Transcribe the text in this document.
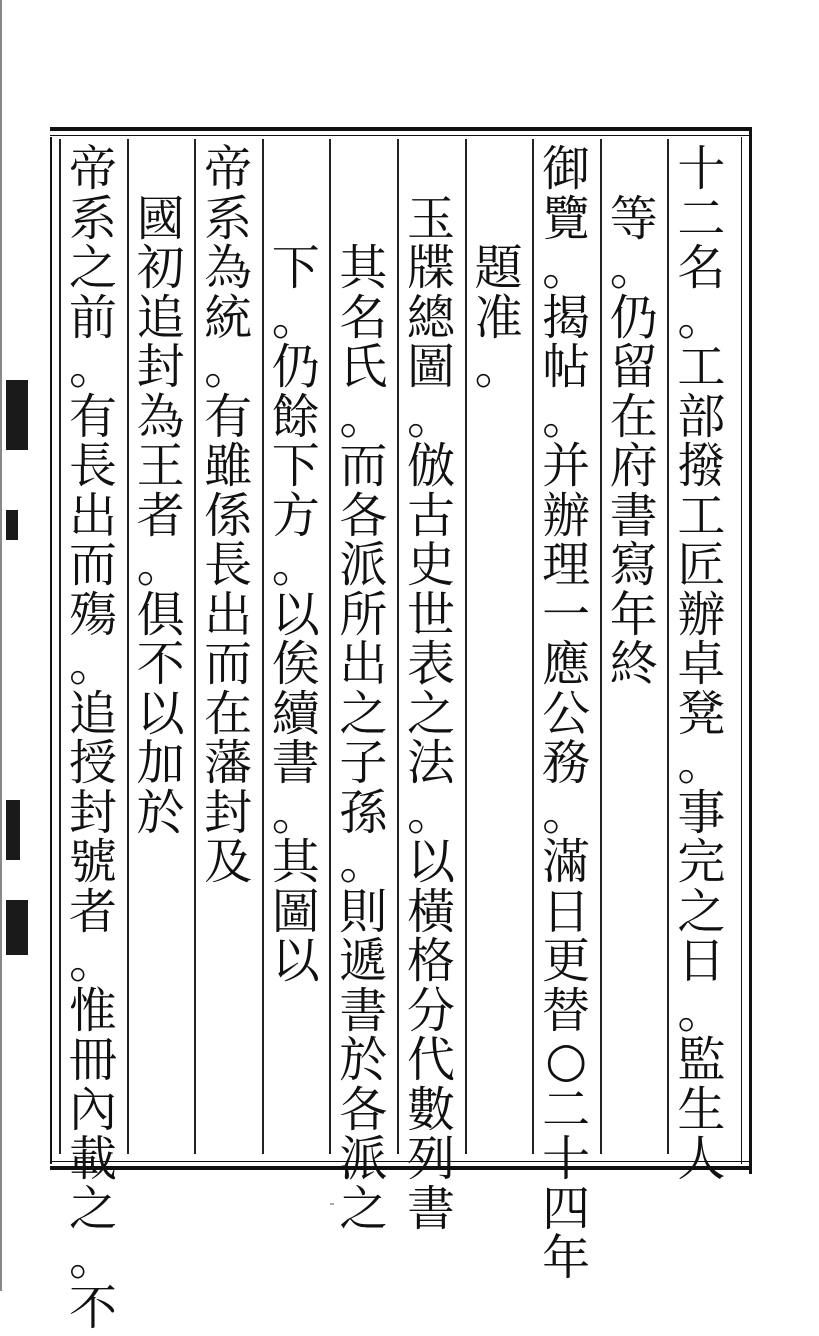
十
二
名
。
工
部
撥
工
匠
辦
卓
凳
。
事
完
之
日
。
監
生
人
等
。
仍
留
在
府
書
寫
年
終
御
覽
。
揭
帖
。
并
辦
理
一
應
公
務
。
滿
日
更
替
○
二
十
四
年
題
准
。
玉
牒
總
圖
。
倣
古
史
世
表
之
法
。
以
橫
格
分
代
數
列
書
其
名
氏
。
而
各
派
所
出
之
子
孫
。
則
遞
書
於
各
派
之
下
。
仍
餘
下
方
。
以
俟
續
書
。
其
圖
以
帝
系
為
統
。
有
雖
係
長
出
而
在
藩
封
及
國
初
追
封
為
王
者
。
俱
不
以
加
於
帝
系
之
前
。
有
長
出
而
殤
。
追
授
封
號
者
。
惟
冊
內
載
之
。
不
